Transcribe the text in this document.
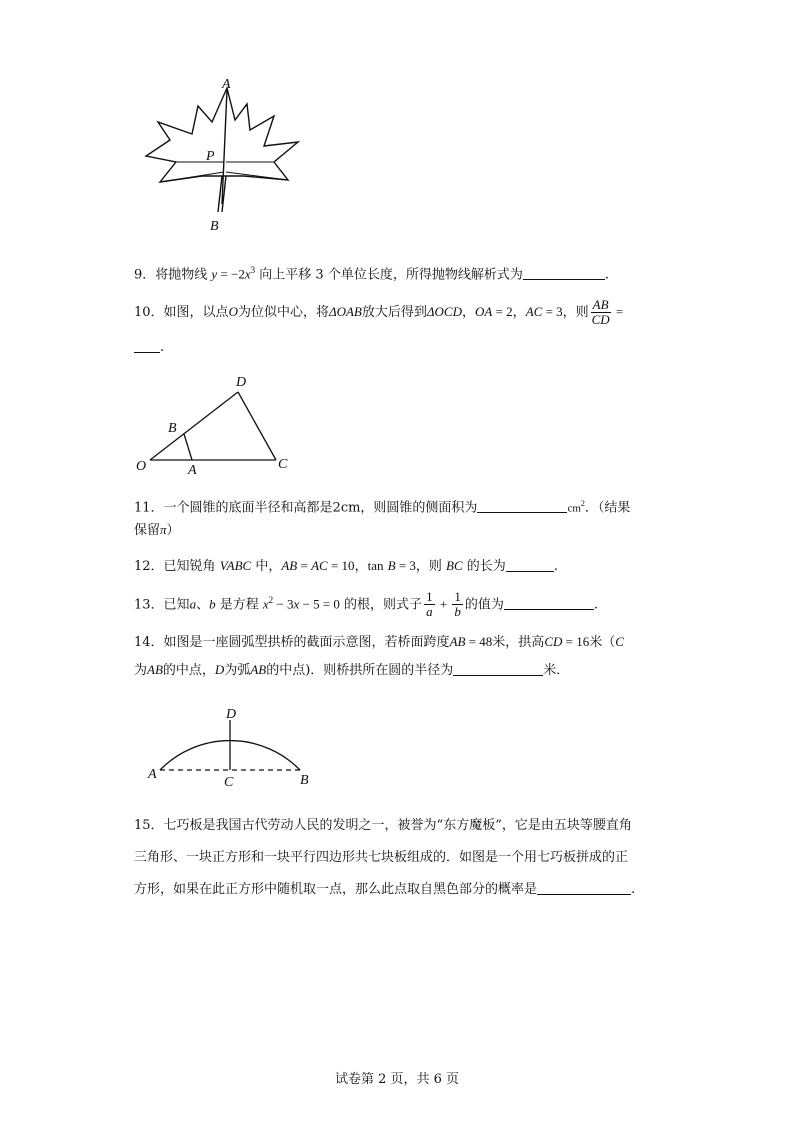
A
P
B
9．将抛物线 $y = -2x^3$ 向上平移 3 个单位长度，所得抛物线解析式为	.
10．如图，以点O为位似中心，将ΔOAB放大后得到ΔOCD，OA = 2，AC = 3，则 $\frac{AB}{CD}$ =
.
O	A
B
C
D
11．一个圆锥的底面半径和高都是2cm，则圆锥的侧面积为	$cm^2$．（结果
保留π）
12．已知锐角 VABC 中，AB = AC = 10，tan B = 3，则 BC 的长为	.
13．已知a、b 是方程 $x^2 - 3x - 5 = 0$ 的根，则式子 $\frac{1}{a} + \frac{1}{b}$ 的值为	.
14．如图是一座圆弧型拱桥的截面示意图，若桥面跨度AB = 48米，拱高CD = 16米（C
为AB的中点，D为弧AB的中点)．则桥拱所在圆的半径为	米．
A	B
C
D
15．七巧板是我国古代劳动人民的发明之一，被誉为“东方魔板”，它是由五块等腰直角
三角形、一块正方形和一块平行四边形共七块板组成的．如图是一个用七巧板拼成的正
方形，如果在此正方形中随机取一点，那么此点取自黑色部分的概率是	.
试卷第 2 页，共 6 页
